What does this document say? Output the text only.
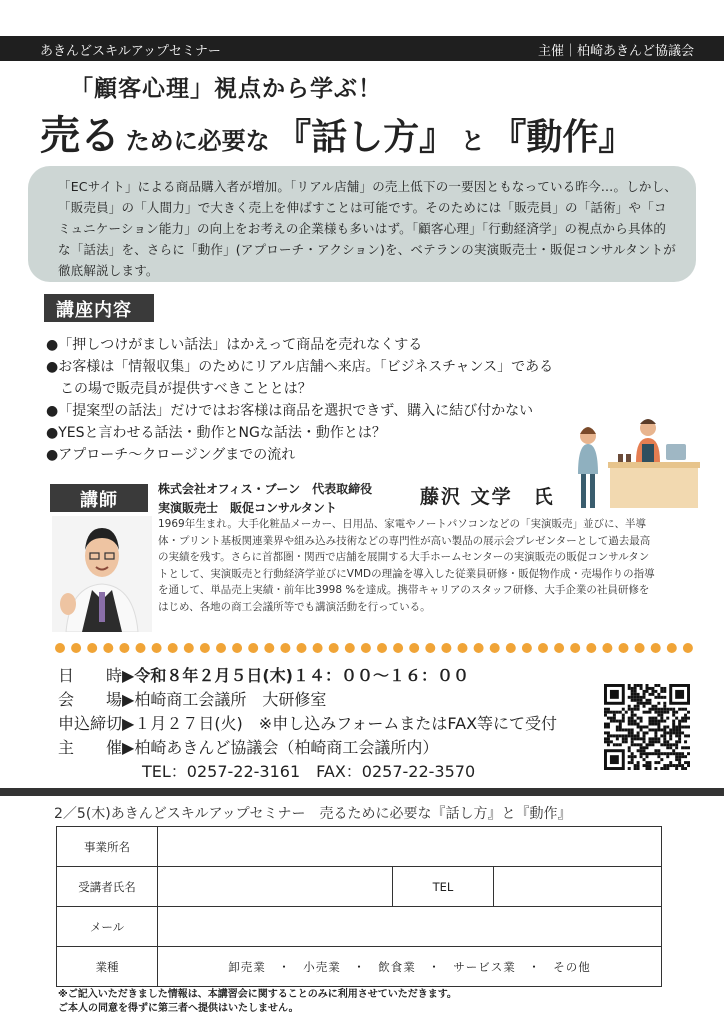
あきんどスキルアップセミナー	主催｜柏崎あきんど協議会
「顧客心理」視点から学ぶ！
売る ために必要な 『話し方』 と 『動作』
「ECサイト」による商品購入者が増加。「リアル店舗」の売上低下の一要因ともなっている昨今…。しかし、「販売員」の「人間力」で大きく売上を伸ばすことは可能です。そのためには「販売員」の「話術」や「コミュニケーション能力」の向上をお考えの企業様も多いはず。「顧客心理」「行動経済学」の視点から具体的な「話法」を、さらに「動作」(アプローチ・アクション)を、ベテランの実演販売士・販促コンサルタントが徹底解説します。
講座内容
●「押しつけがましい話法」はかえって商品を売れなくする
●お客様は「情報収集」のためにリアル店舗へ来店。「ビジネスチャンス」である
　この場で販売員が提供すべきこととは？
●「提案型の話法」だけではお客様は商品を選択できず、購入に結び付かない
●YESと言わせる話法・動作とNGな話法・動作とは？
●アプローチ〜クロージングまでの流れ
講師
株式会社オフィス・ブーン　代表取締役
実演販売士　販促コンサルタント	藤沢 文学　氏
1969年生まれ。大手化粧品メーカー、日用品、家電やノートパソコンなどの「実演販売」並びに、半導体・プリント基板関連業界や組み込み技術などの専門性が高い製品の展示会プレゼンターとして過去最高の実績を残す。さらに首都圏・関西で店舗を展開する大手ホームセンターの実演販売の販促コンサルタントとして、実演販売と行動経済学並びにVMDの理論を導入した従業員研修・販促物作成・売場作りの指導を通して、単品売上実績・前年比3998 %を達成。携帯キャリアのスタッフ研修、大手企業の社員研修をはじめ、各地の商工会議所等でも講演活動を行っている。
日　　時▶令和８年２月５日(木)１４：００〜１６：００
会　　場▶柏崎商工会議所　大研修室
申込締切▶１月２７日(火)　※申し込みフォームまたはFAX等にて受付
主　　催▶柏崎あきんど協議会（柏崎商工会議所内）
TEL：0257-22-3161　FAX：0257-22-3570
2／5(木)あきんどスキルアップセミナー　売るために必要な『話し方』と『動作』
事業所名			
受講者氏名		TEL	
メール			
業種	卸売業　・　小売業　・　飲食業　・　サービス業　・　その他		
※ご記入いただきました情報は、本講習会に関することのみに利用させていただきます。
ご本人の同意を得ずに第三者へ提供はいたしません。
